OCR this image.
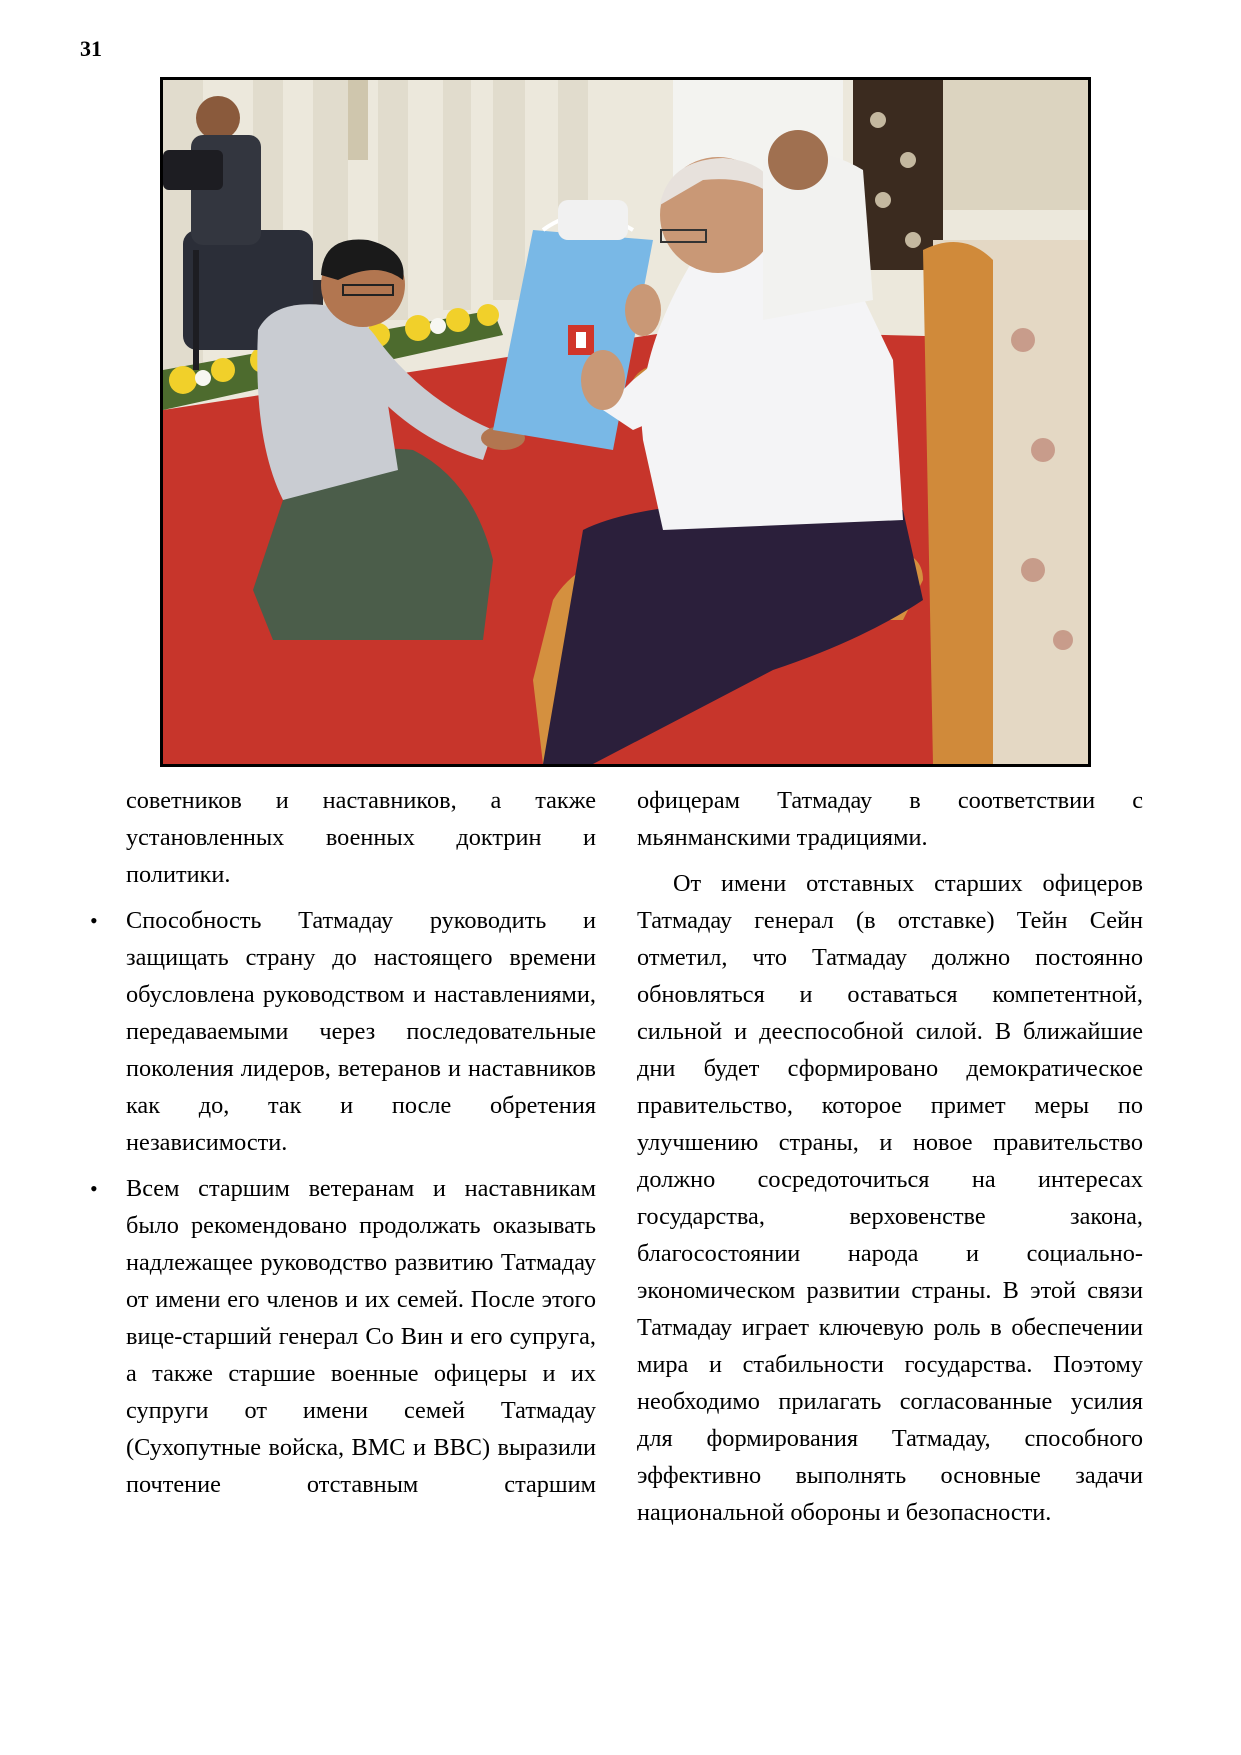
31

советников и наставников, а также установленных военных доктрин и политики.

• Способность Татмадау руководить и защищать страну до настоящего времени обусловлена руководством и наставлениями, передаваемыми через последовательные поколения лидеров, ветеранов и наставников как до, так и после обретения независимости.

• Всем старшим ветеранам и наставникам было рекомендовано продолжать оказывать надлежащее руководство развитию Татмадау от имени его членов и их семей. После этого вице-старший генерал Со Вин и его супруга, а также старшие военные офицеры и их супруги от имени семей Татмадау (Сухопутные войска, ВМС и ВВС) выразили почтение отставным старшим

офицерам Татмадау в соответствии с мьянманскими традициями.

От имени отставных старших офицеров Татмадау генерал (в отставке) Тейн Сейн отметил, что Татмадау должно постоянно обновляться и оставаться компетентной, сильной и дееспособной силой. В ближайшие дни будет сформировано демократическое правительство, которое примет меры по улучшению страны, и новое правительство должно сосредоточиться на интересах государства, верховенстве закона, благосостоянии народа и социально-экономическом развитии страны. В этой связи Татмадау играет ключевую роль в обеспечении мира и стабильности государства. Поэтому необходимо прилагать согласованные усилия для формирования Татмадау, способного эффективно выполнять основные задачи национальной обороны и безопасности.
